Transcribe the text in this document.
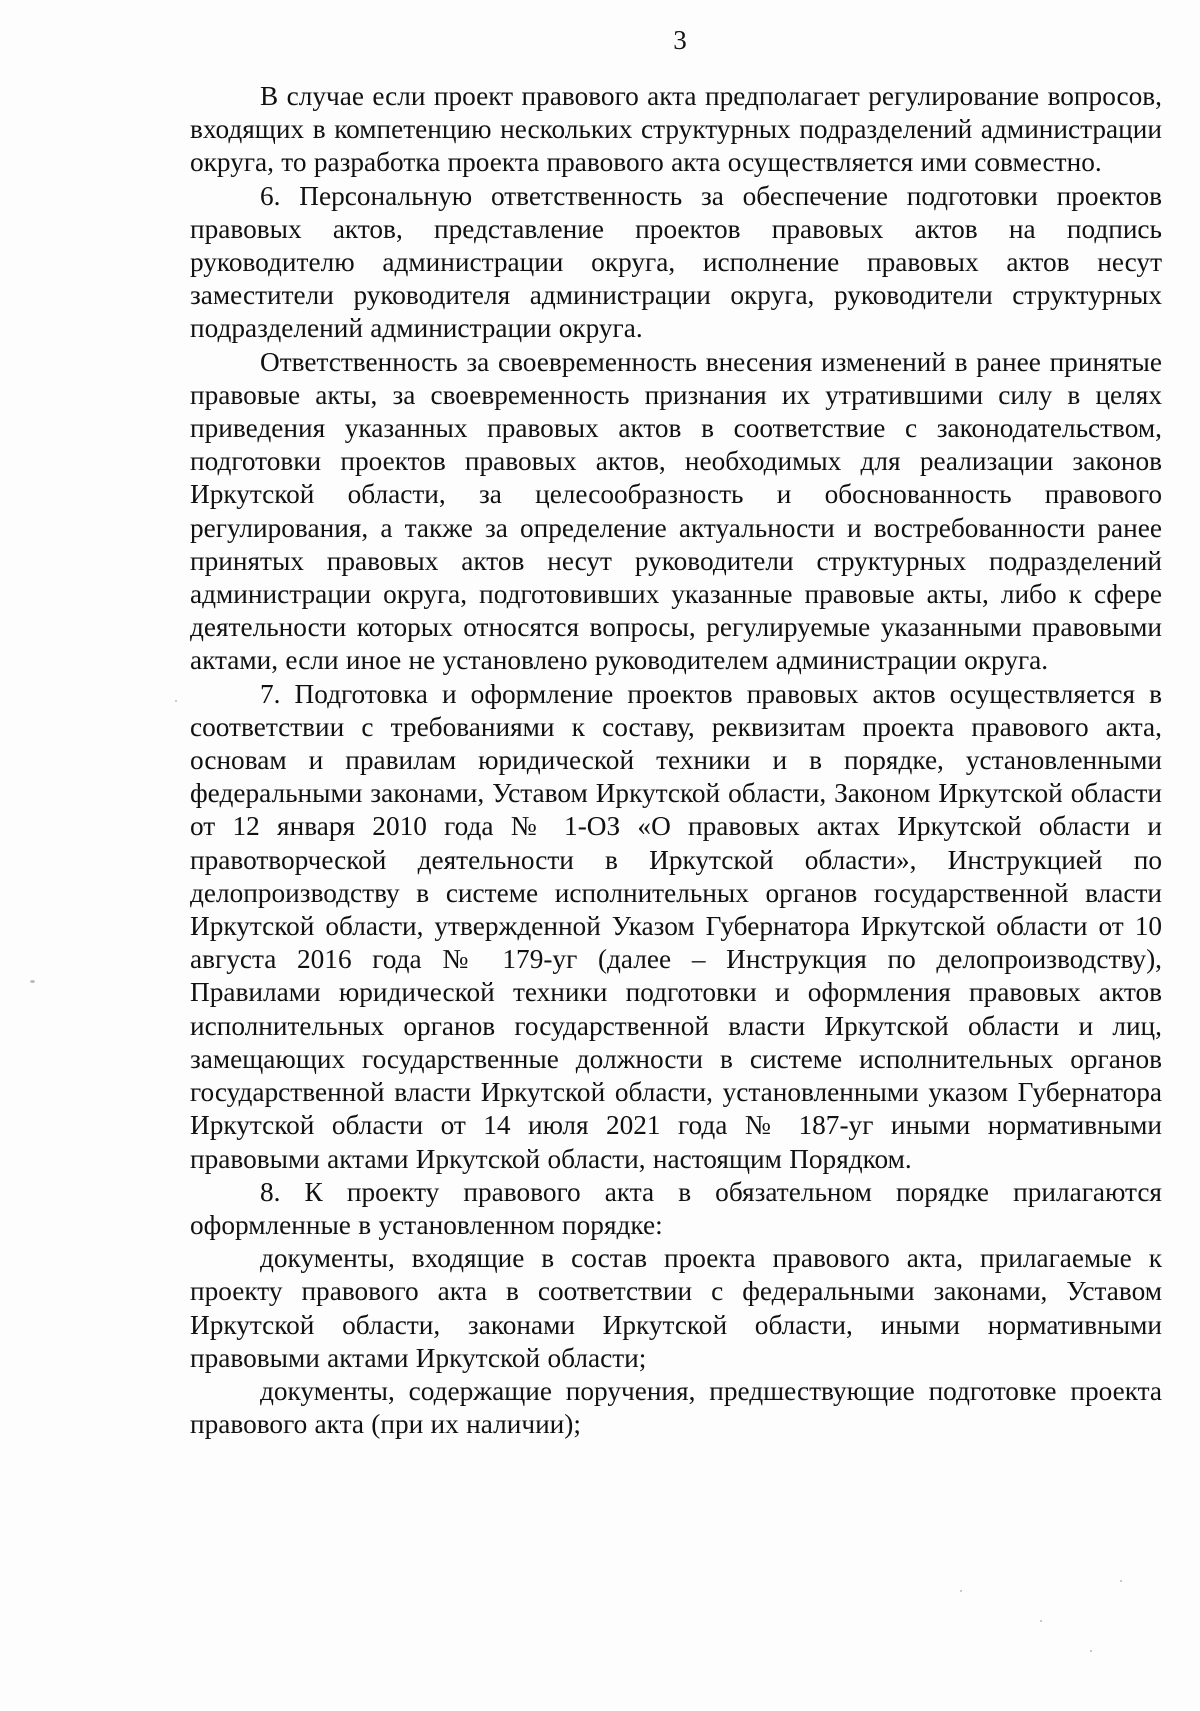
3

В случае если проект правового акта предполагает регулирование вопросов, входящих в компетенцию нескольких структурных подразделений администрации округа, то разработка проекта правового акта осуществляется ими совместно.

6. Персональную ответственность за обеспечение подготовки проектов правовых актов, представление проектов правовых актов на подпись руководителю администрации округа, исполнение правовых актов несут заместители руководителя администрации округа, руководители структурных подразделений администрации округа.

Ответственность за своевременность внесения изменений в ранее принятые правовые акты, за своевременность признания их утратившими силу в целях приведения указанных правовых актов в соответствие с законодательством, подготовки проектов правовых актов, необходимых для реализации законов Иркутской области, за целесообразность и обоснованность правового регулирования, а также за определение актуальности и востребованности ранее принятых правовых актов несут руководители структурных подразделений администрации округа, подготовивших указанные правовые акты, либо к сфере деятельности которых относятся вопросы, регулируемые указанными правовыми актами, если иное не установлено руководителем администрации округа.

7. Подготовка и оформление проектов правовых актов осуществляется в соответствии с требованиями к составу, реквизитам проекта правового акта, основам и правилам юридической техники и в порядке, установленными федеральными законами, Уставом Иркутской области, Законом Иркутской области от 12 января 2010 года № 1-ОЗ «О правовых актах Иркутской области и правотворческой деятельности в Иркутской области», Инструкцией по делопроизводству в системе исполнительных органов государственной власти Иркутской области, утвержденной Указом Губернатора Иркутской области от 10 августа 2016 года № 179-уг (далее – Инструкция по делопроизводству), Правилами юридической техники подготовки и оформления правовых актов исполнительных органов государственной власти Иркутской области и лиц, замещающих государственные должности в системе исполнительных органов государственной власти Иркутской области, установленными указом Губернатора Иркутской области от 14 июля 2021 года № 187-уг иными нормативными правовыми актами Иркутской области, настоящим Порядком.

8. К проекту правового акта в обязательном порядке прилагаются оформленные в установленном порядке:

документы, входящие в состав проекта правового акта, прилагаемые к проекту правового акта в соответствии с федеральными законами, Уставом Иркутской области, законами Иркутской области, иными нормативными правовыми актами Иркутской области;

документы, содержащие поручения, предшествующие подготовке проекта правового акта (при их наличии);
